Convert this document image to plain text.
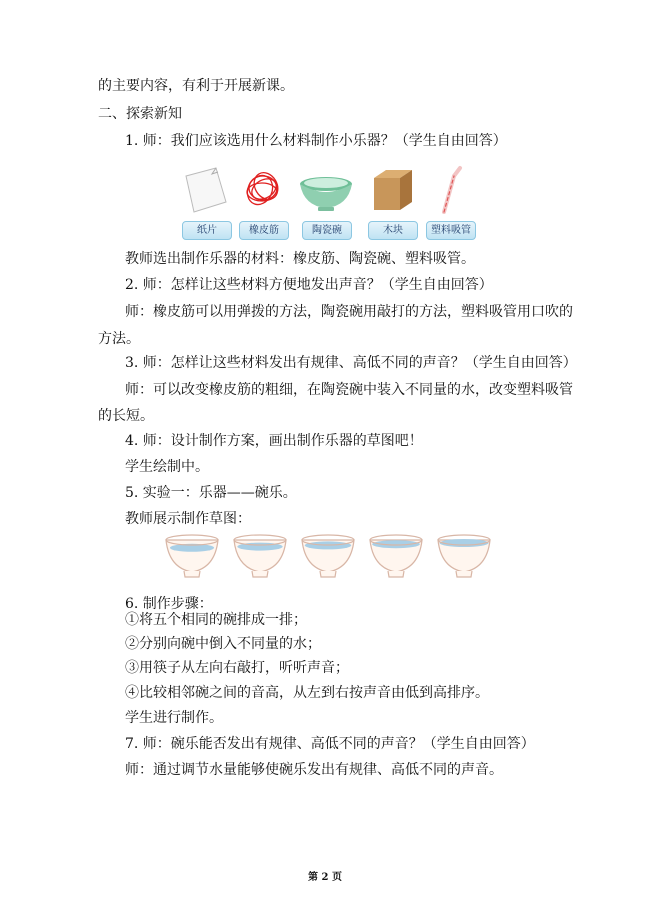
的主要内容，有利于开展新课。
二、探索新知
1. 师：我们应该选用什么材料制作小乐器？（学生自由回答）
纸片	橡皮筋	陶瓷碗	木块	塑料吸管
教师选出制作乐器的材料：橡皮筋、陶瓷碗、塑料吸管。
2. 师：怎样让这些材料方便地发出声音？（学生自由回答）
师：橡皮筋可以用弹拨的方法，陶瓷碗用敲打的方法，塑料吸管用口吹的
方法。
3. 师：怎样让这些材料发出有规律、高低不同的声音？（学生自由回答）
师：可以改变橡皮筋的粗细，在陶瓷碗中装入不同量的水，改变塑料吸管
的长短。
4. 师：设计制作方案，画出制作乐器的草图吧！
学生绘制中。
5. 实验一：乐器——碗乐。
教师展示制作草图：
6. 制作步骤：
①将五个相同的碗排成一排；
②分别向碗中倒入不同量的水；
③用筷子从左向右敲打，听听声音；
④比较相邻碗之间的音高，从左到右按声音由低到高排序。
学生进行制作。
7. 师：碗乐能否发出有规律、高低不同的声音？（学生自由回答）
师：通过调节水量能够使碗乐发出有规律、高低不同的声音。
第 2 页
